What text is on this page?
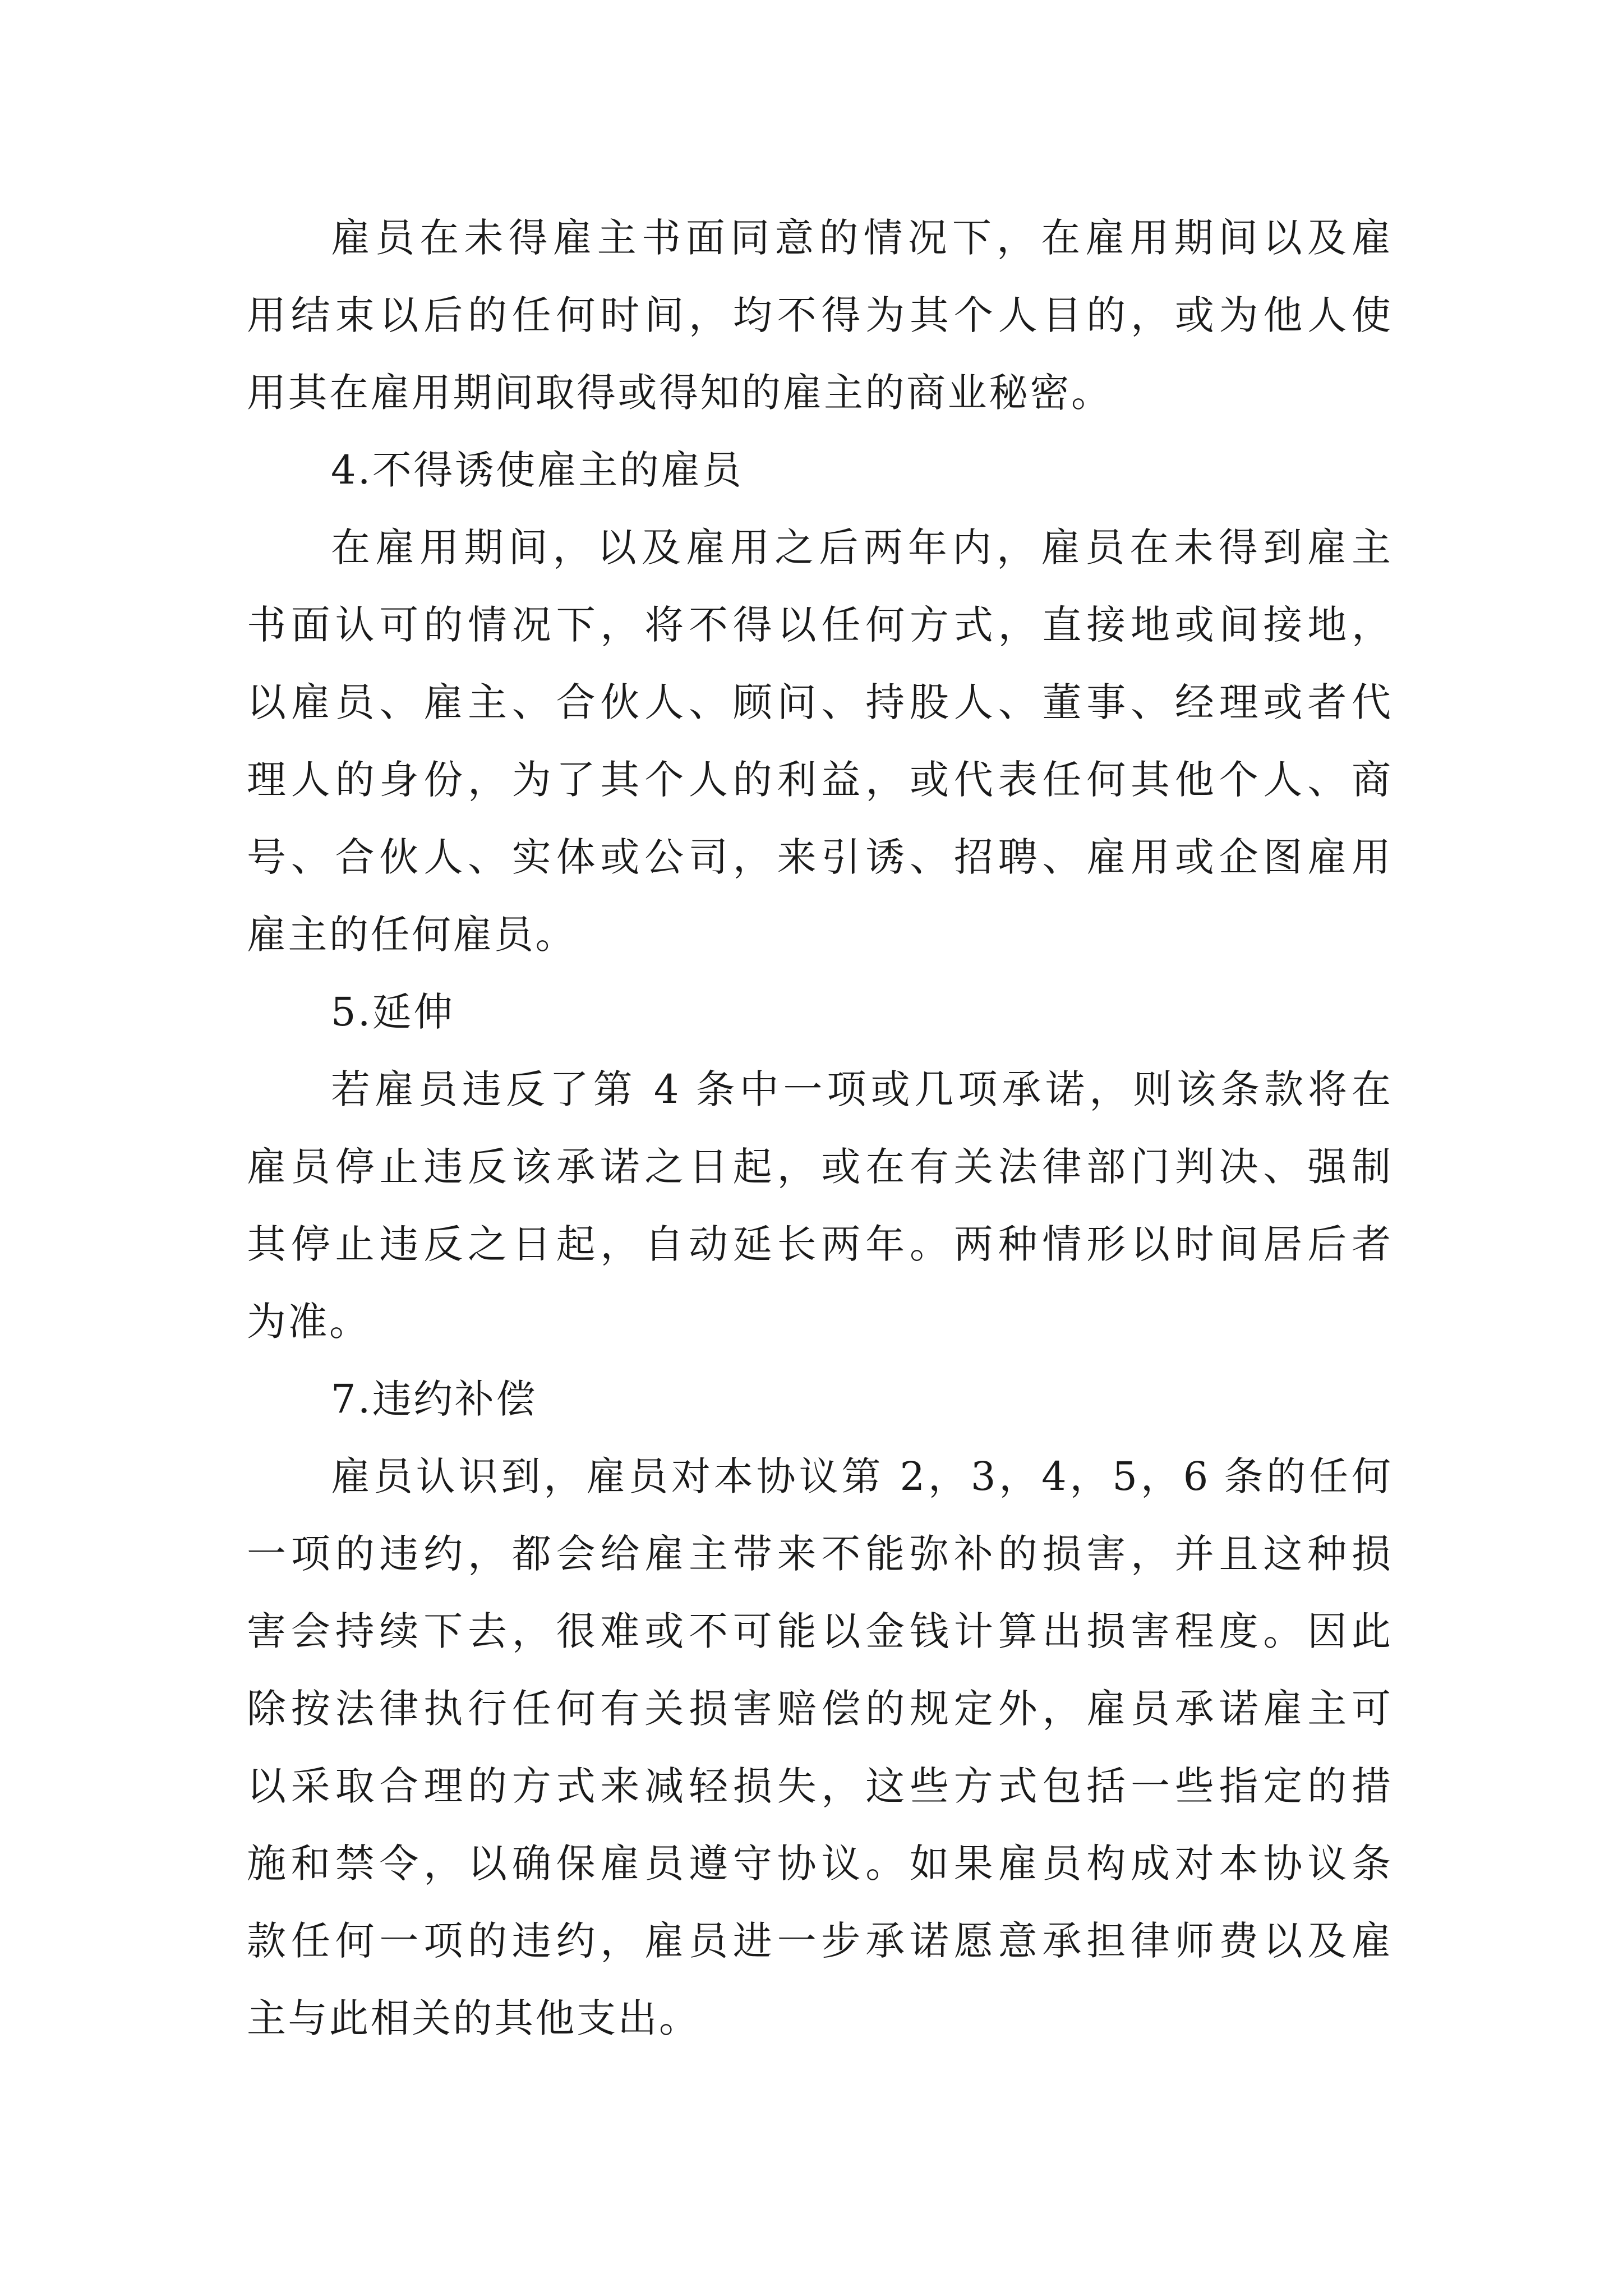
雇员在未得雇主书面同意的情况下，在雇用期间以及雇
用结束以后的任何时间，均不得为其个人目的，或为他人使
用其在雇用期间取得或得知的雇主的商业秘密。
4.不得诱使雇主的雇员
在雇用期间，以及雇用之后两年内，雇员在未得到雇主
书面认可的情况下，将不得以任何方式，直接地或间接地，
以雇员、雇主、合伙人、顾问、持股人、董事、经理或者代
理人的身份，为了其个人的利益，或代表任何其他个人、商
号、合伙人、实体或公司，来引诱、招聘、雇用或企图雇用
雇主的任何雇员。
5.延伸
若雇员违反了第 4 条中一项或几项承诺，则该条款将在
雇员停止违反该承诺之日起，或在有关法律部门判决、强制
其停止违反之日起，自动延长两年。两种情形以时间居后者
为准。
7.违约补偿
雇员认识到，雇员对本协议第 2，3，4，5，6 条的任何
一项的违约，都会给雇主带来不能弥补的损害，并且这种损
害会持续下去，很难或不可能以金钱计算出损害程度。因此
除按法律执行任何有关损害赔偿的规定外，雇员承诺雇主可
以采取合理的方式来减轻损失，这些方式包括一些指定的措
施和禁令，以确保雇员遵守协议。如果雇员构成对本协议条
款任何一项的违约，雇员进一步承诺愿意承担律师费以及雇
主与此相关的其他支出。
